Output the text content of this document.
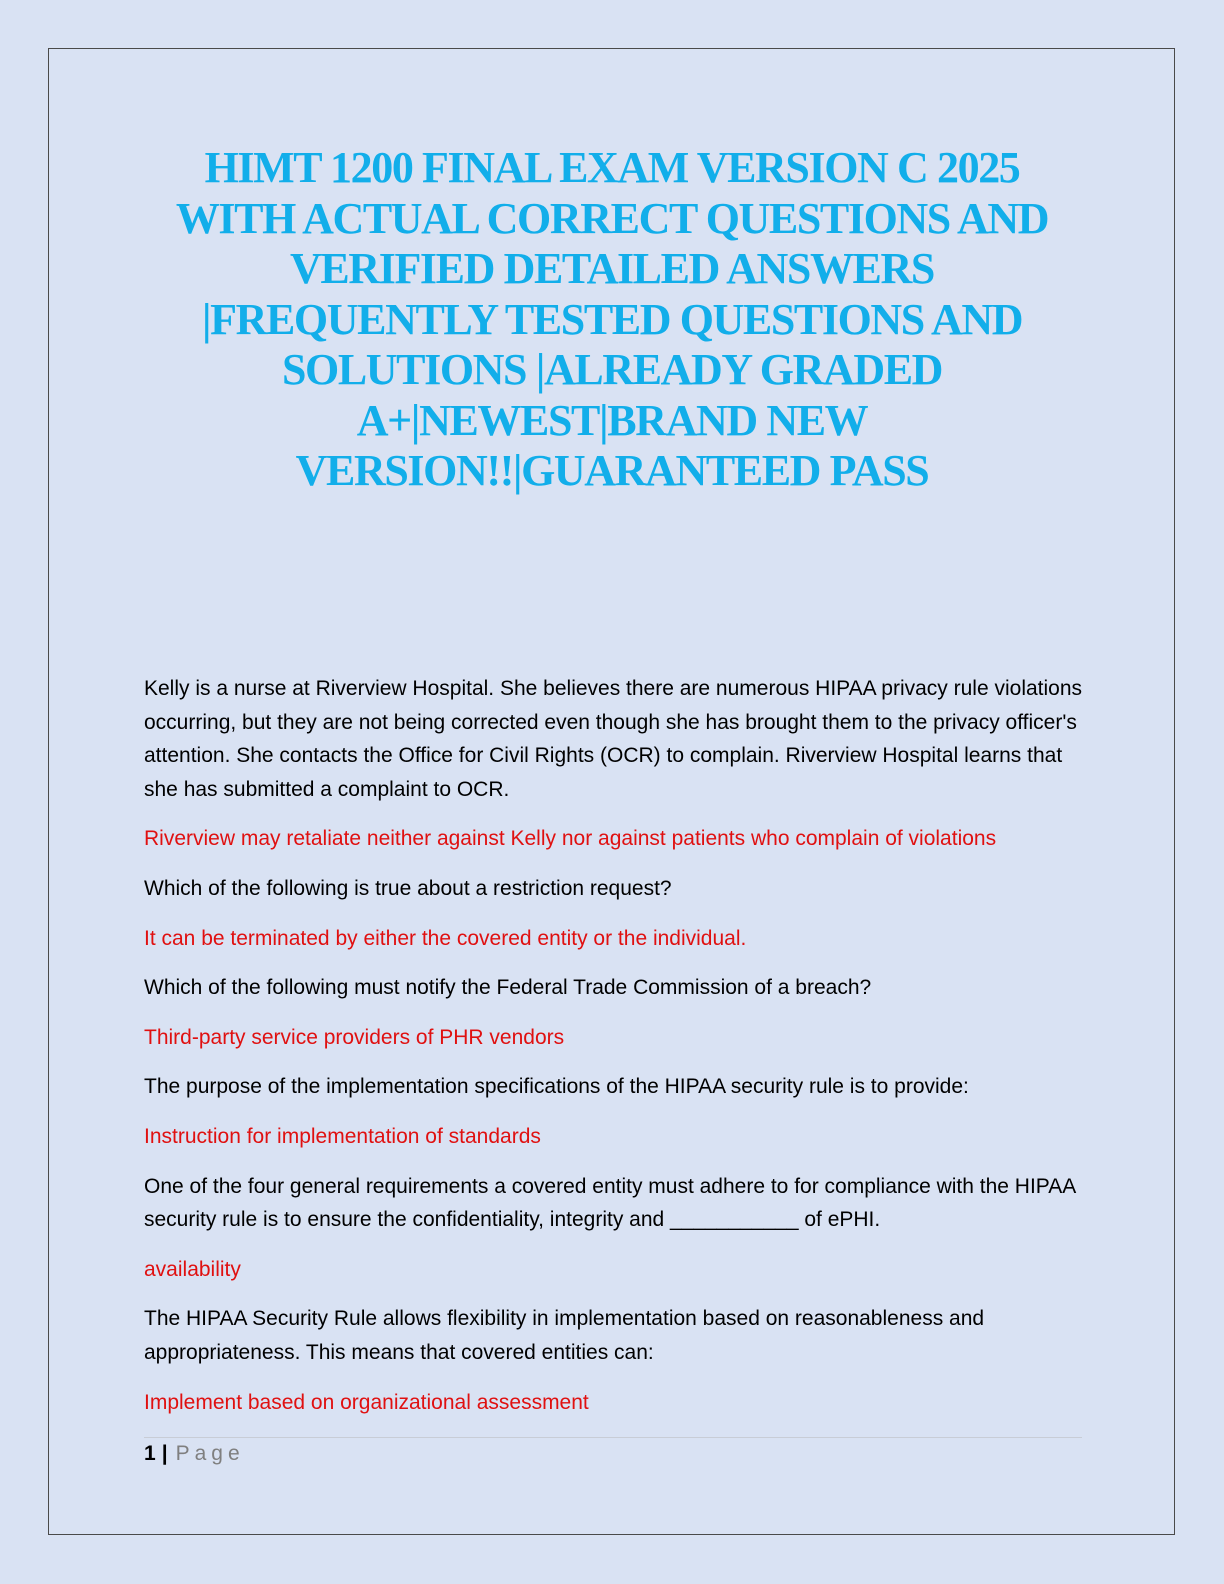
HIMT 1200 FINAL EXAM VERSION C 2025
WITH ACTUAL CORRECT QUESTIONS AND
VERIFIED DETAILED ANSWERS
|FREQUENTLY TESTED QUESTIONS AND
SOLUTIONS |ALREADY GRADED
A+|NEWEST|BRAND NEW
VERSION!!|GUARANTEED PASS

Kelly is a nurse at Riverview Hospital. She believes there are numerous HIPAA privacy rule violations occurring, but they are not being corrected even though she has brought them to the privacy officer's attention. She contacts the Office for Civil Rights (OCR) to complain. Riverview Hospital learns that she has submitted a complaint to OCR.

Riverview may retaliate neither against Kelly nor against patients who complain of violations

Which of the following is true about a restriction request?

It can be terminated by either the covered entity or the individual.

Which of the following must notify the Federal Trade Commission of a breach?

Third-party service providers of PHR vendors

The purpose of the implementation specifications of the HIPAA security rule is to provide:

Instruction for implementation of standards

One of the four general requirements a covered entity must adhere to for compliance with the HIPAA security rule is to ensure the confidentiality, integrity and ___________ of ePHI.

availability

The HIPAA Security Rule allows flexibility in implementation based on reasonableness and appropriateness. This means that covered entities can:

Implement based on organizational assessment

1 | Page
